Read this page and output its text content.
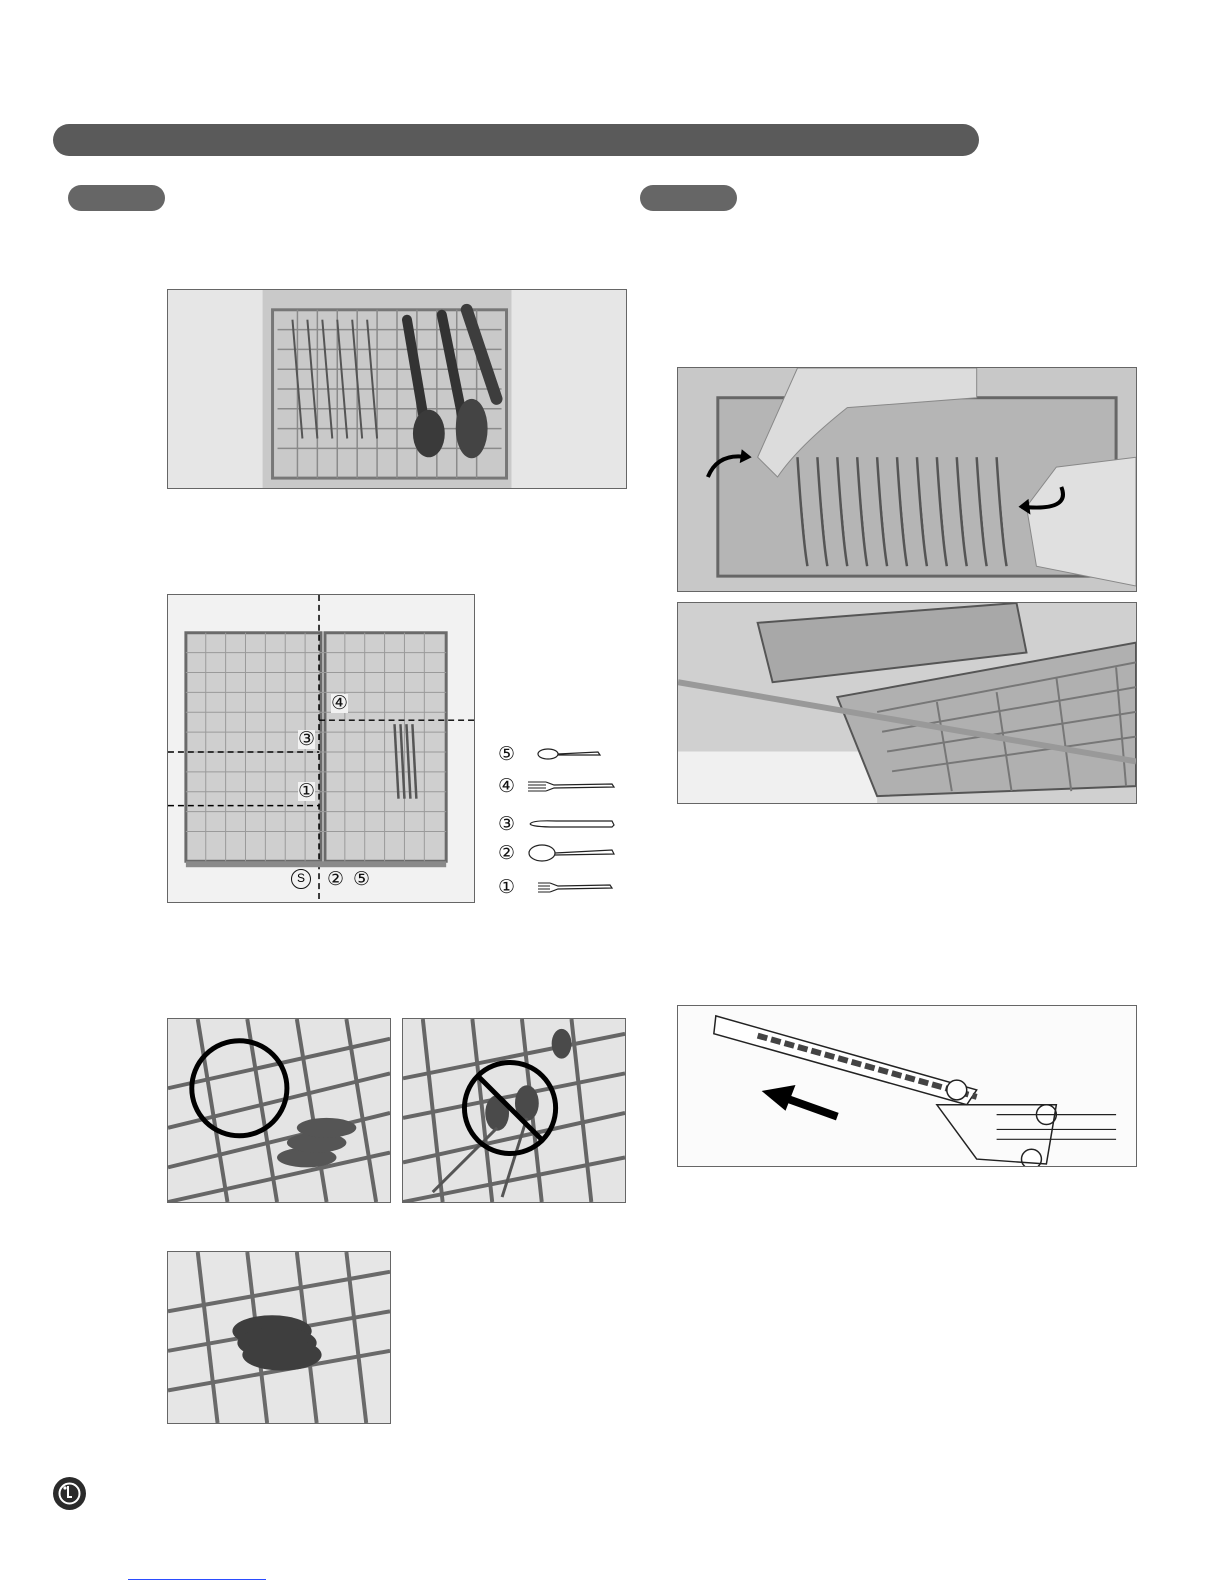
④
③
①
S	② ⑤
⑤
④
③
②
①
